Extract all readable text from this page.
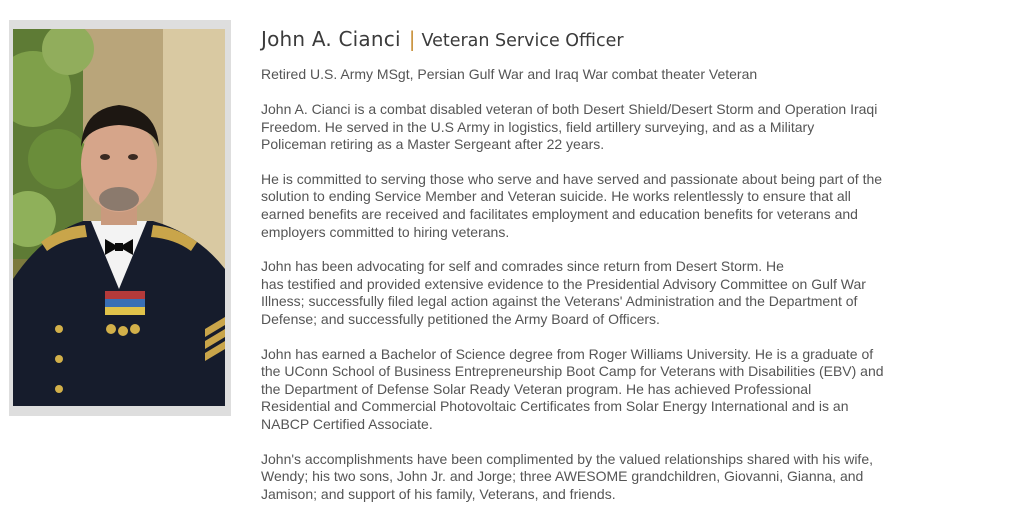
John A. Cianci | Veteran Service Officer
Retired U.S. Army MSgt, Persian Gulf War and Iraq War combat theater Veteran
John A. Cianci is a combat disabled veteran of both Desert Shield/Desert Storm and Operation Iraqi
Freedom. He served in the U.S Army in logistics, field artillery surveying, and as a Military
Policeman retiring as a Master Sergeant after 22 years.
He is committed to serving those who serve and have served and passionate about being part of the
solution to ending Service Member and Veteran suicide. He works relentlessly to ensure that all
earned benefits are received and facilitates employment and education benefits for veterans and
employers committed to hiring veterans.
John has been advocating for self and comrades since return from Desert Storm. He
has testified and provided extensive evidence to the Presidential Advisory Committee on Gulf War
Illness; successfully filed legal action against the Veterans' Administration and the Department of
Defense; and successfully petitioned the Army Board of Officers.
John has earned a Bachelor of Science degree from Roger Williams University. He is a graduate of
the UConn School of Business Entrepreneurship Boot Camp for Veterans with Disabilities (EBV) and
the Department of Defense Solar Ready Veteran program. He has achieved Professional
Residential and Commercial Photovoltaic Certificates from Solar Energy International and is an
NABCP Certified Associate.
John's accomplishments have been complimented by the valued relationships shared with his wife,
Wendy; his two sons, John Jr. and Jorge; three AWESOME grandchildren, Giovanni, Gianna, and
Jamison; and support of his family, Veterans, and friends.
